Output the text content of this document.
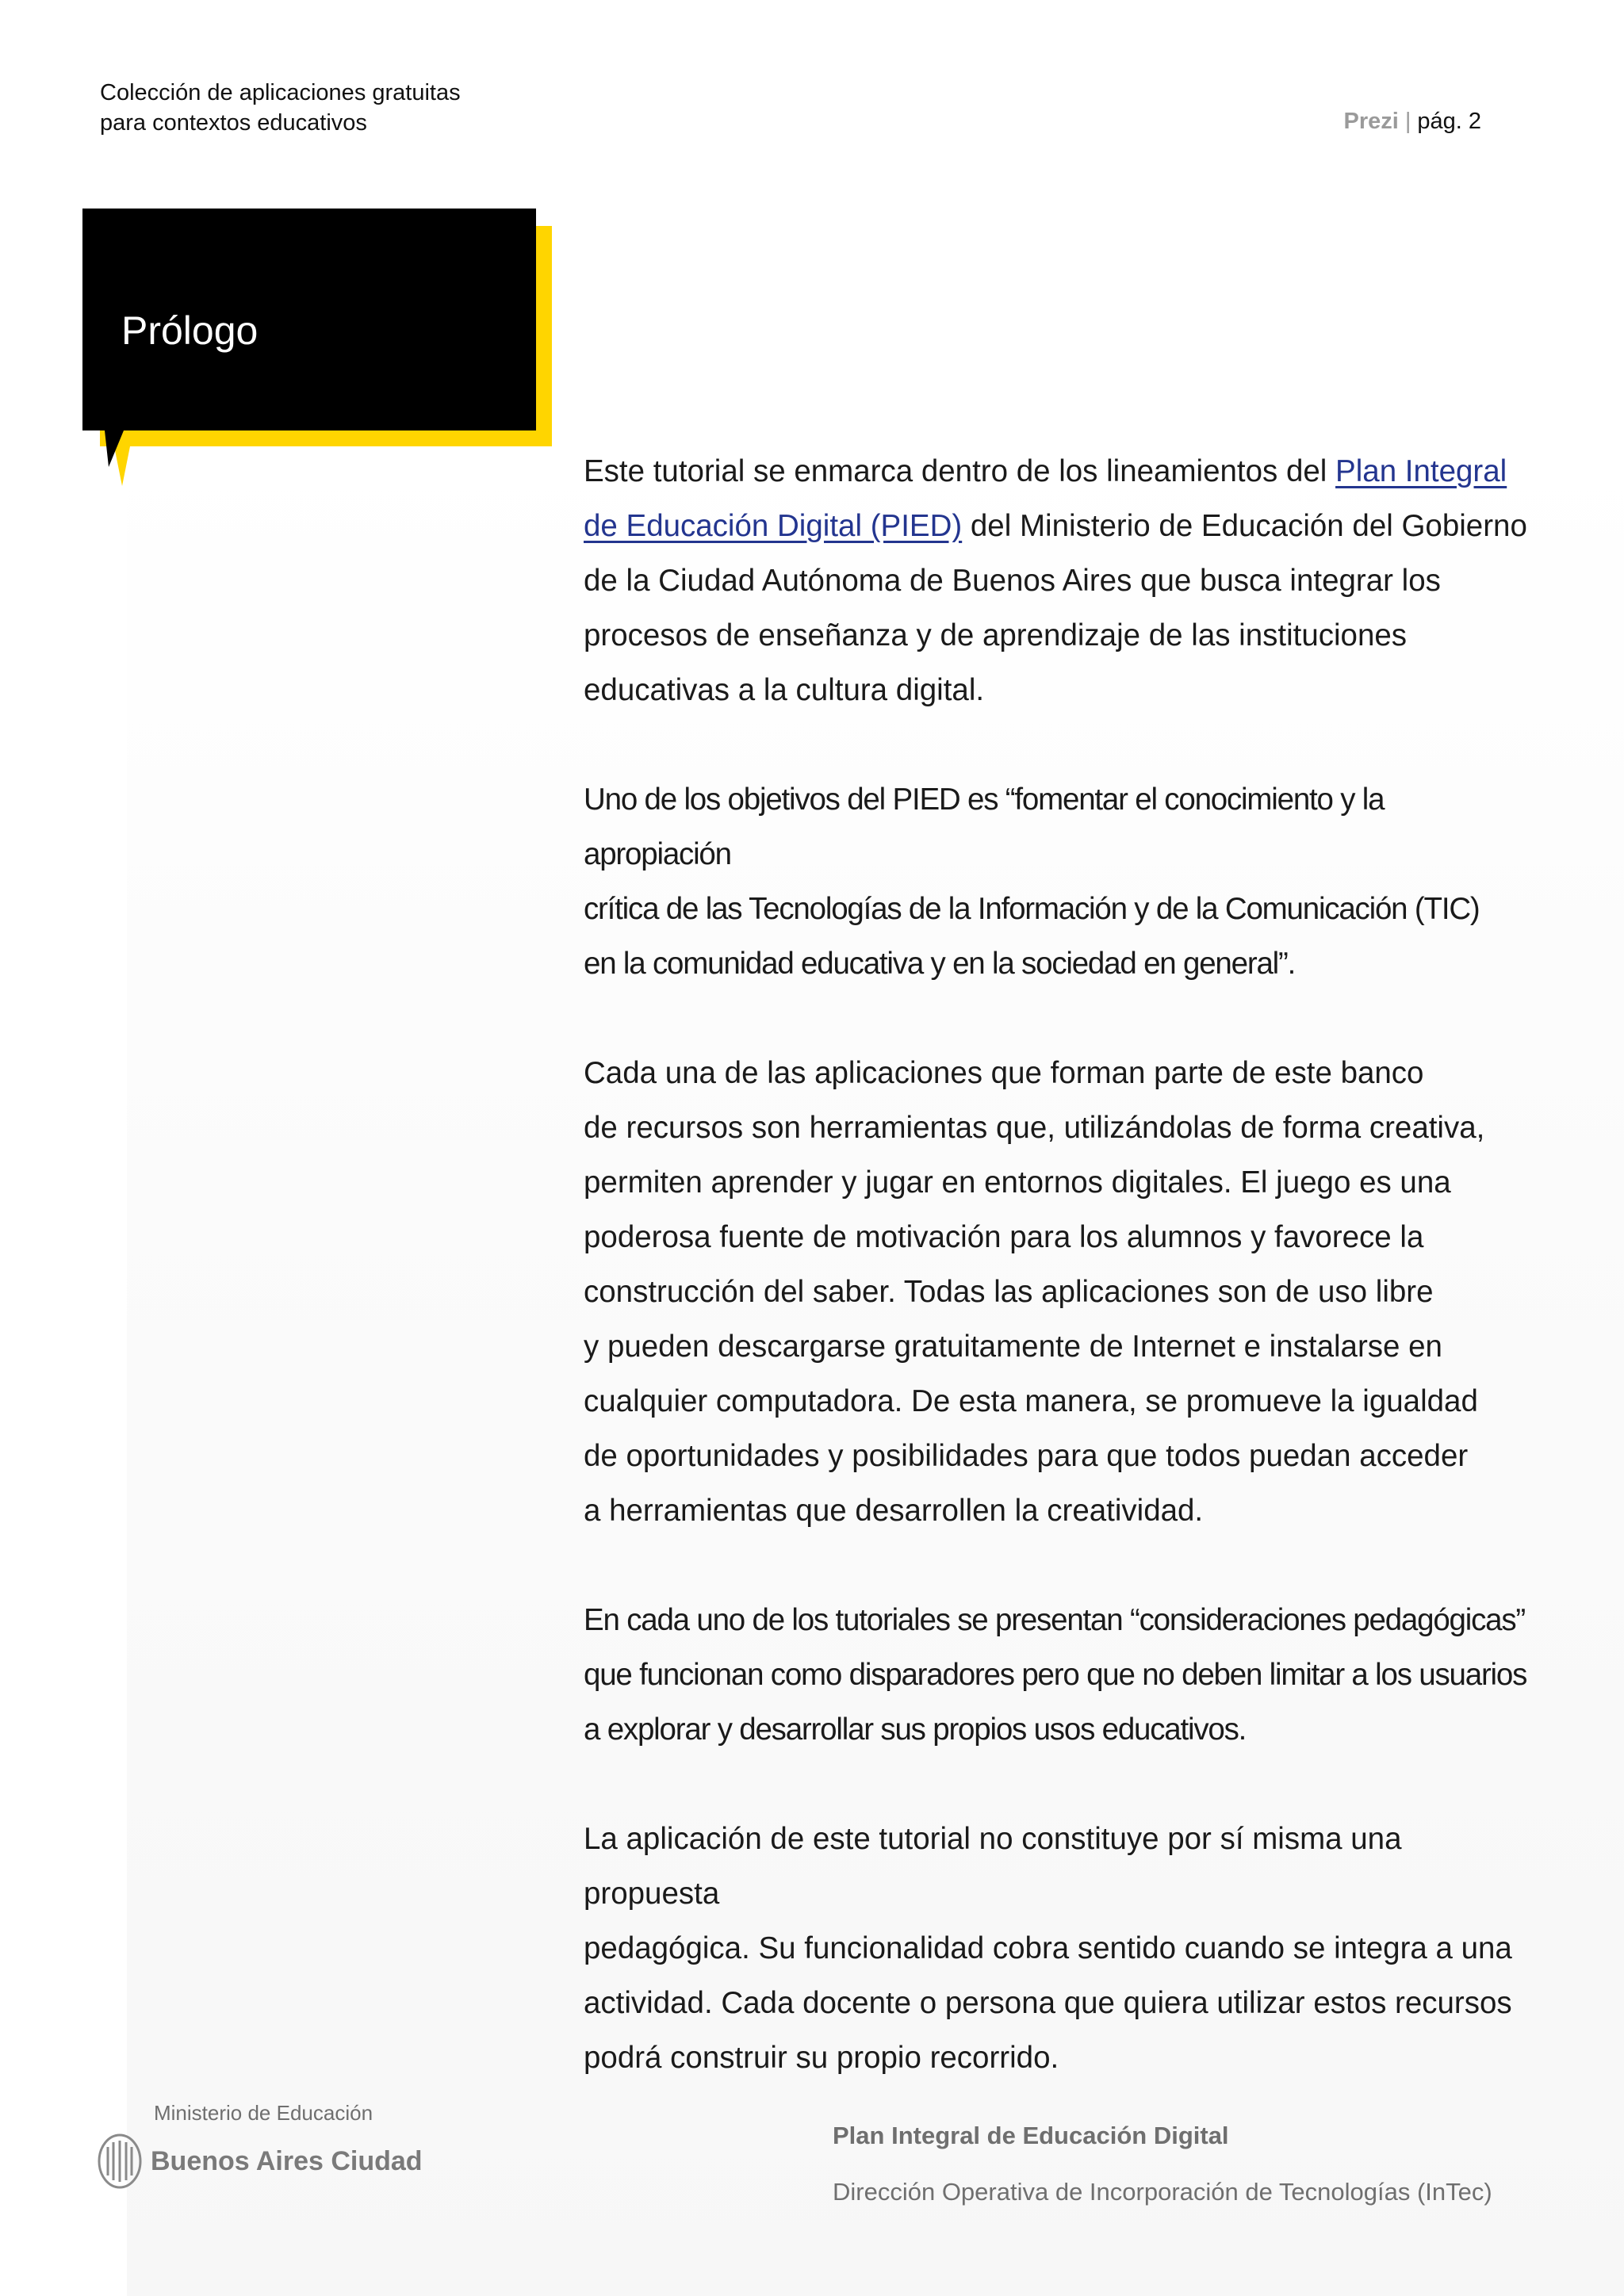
Colección de aplicaciones gratuitas
para contextos educativos	Prezi | pág. 2
Prólogo

Este tutorial se enmarca dentro de los lineamientos del Plan Integral
de Educación Digital (PIED) del Ministerio de Educación del Gobierno
de la Ciudad Autónoma de Buenos Aires que busca integrar los
procesos de enseñanza y de aprendizaje de las instituciones
educativas a la cultura digital.

Uno de los objetivos del PIED es “fomentar el conocimiento y la apropiación
crítica de las Tecnologías de la Información y de la Comunicación (TIC)
en la comunidad educativa y en la sociedad en general”.

Cada una de las aplicaciones que forman parte de este banco
de recursos son herramientas que, utilizándolas de forma creativa,
permiten aprender y jugar en entornos digitales. El juego es una
poderosa fuente de motivación para los alumnos y favorece la
construcción del saber. Todas las aplicaciones son de uso libre
y pueden descargarse gratuitamente de Internet e instalarse en
cualquier computadora. De esta manera, se promueve la igualdad
de oportunidades y posibilidades para que todos puedan acceder
a herramientas que desarrollen la creatividad.

En cada uno de los tutoriales se presentan “consideraciones pedagógicas”
que funcionan como disparadores pero que no deben limitar a los usuarios
a explorar y desarrollar sus propios usos educativos.

La aplicación de este tutorial no constituye por sí misma una propuesta
pedagógica. Su funcionalidad cobra sentido cuando se integra a una
actividad. Cada docente o persona que quiera utilizar estos recursos
podrá construir su propio recorrido.

Ministerio de Educación
Buenos Aires Ciudad
Plan Integral de Educación Digital
Dirección Operativa de Incorporación de Tecnologías (InTec)
